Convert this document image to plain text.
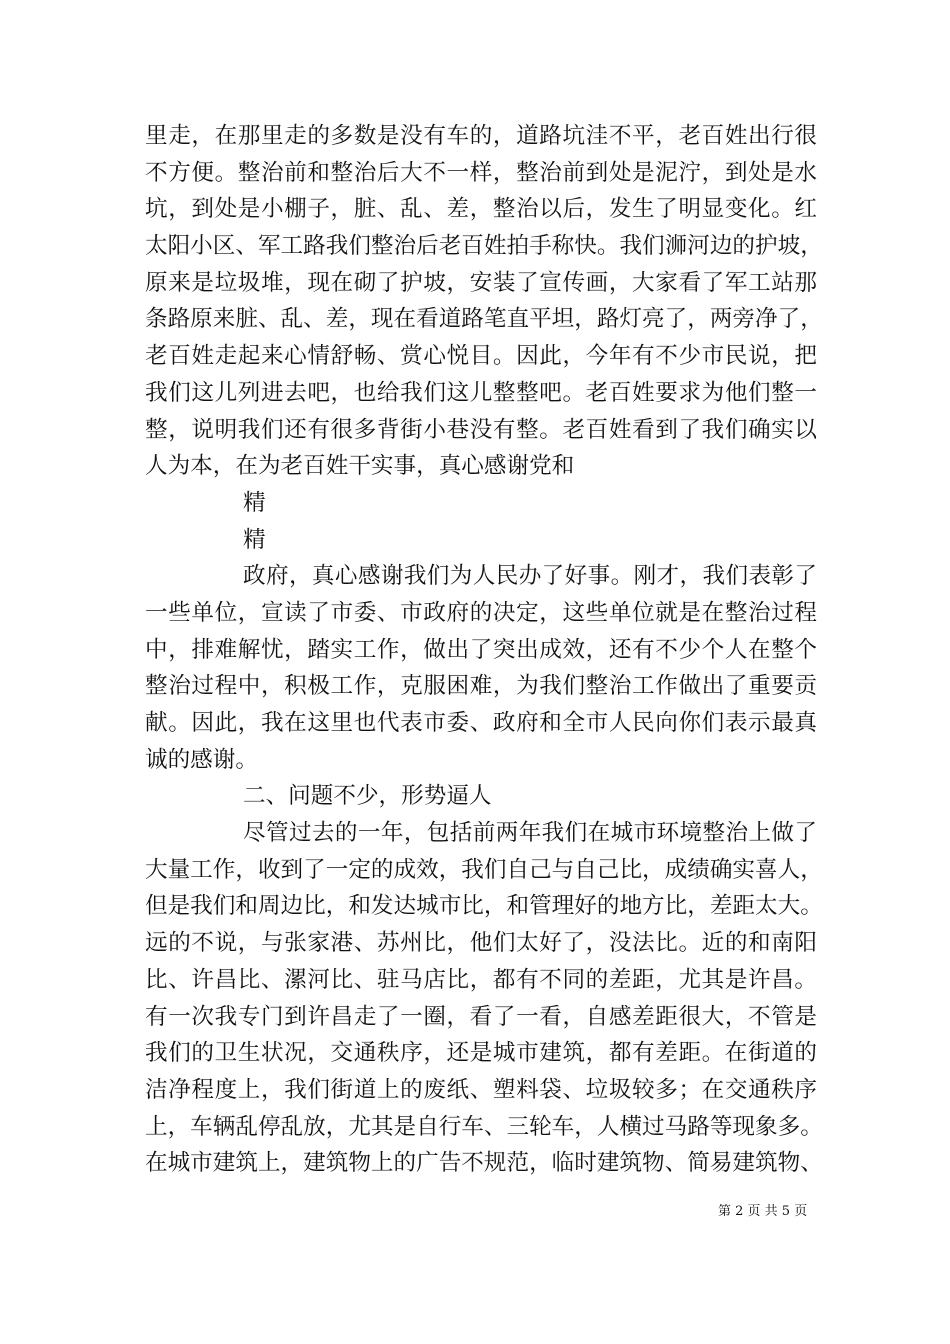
里走，在那里走的多数是没有车的，道路坑洼不平，老百姓出行很
不方便。整治前和整治后大不一样，整治前到处是泥泞，到处是水
坑，到处是小棚子，脏、乱、差，整治以后，发生了明显变化。红
太阳小区、军工路我们整治后老百姓拍手称快。我们浉河边的护坡，
原来是垃圾堆，现在砌了护坡，安装了宣传画，大家看了军工站那
条路原来脏、乱、差，现在看道路笔直平坦，路灯亮了，两旁净了，
老百姓走起来心情舒畅、赏心悦目。因此，今年有不少市民说，把
我们这儿列进去吧，也给我们这儿整整吧。老百姓要求为他们整一
整，说明我们还有很多背街小巷没有整。老百姓看到了我们确实以
人为本，在为老百姓干实事，真心感谢党和
精
精
政府，真心感谢我们为人民办了好事。刚才，我们表彰了
一些单位，宣读了市委、市政府的决定，这些单位就是在整治过程
中，排难解忧，踏实工作，做出了突出成效，还有不少个人在整个
整治过程中，积极工作，克服困难，为我们整治工作做出了重要贡
献。因此，我在这里也代表市委、政府和全市人民向你们表示最真
诚的感谢。
二、问题不少，形势逼人
尽管过去的一年，包括前两年我们在城市环境整治上做了
大量工作，收到了一定的成效，我们自己与自己比，成绩确实喜人，
但是我们和周边比，和发达城市比，和管理好的地方比，差距太大。
远的不说，与张家港、苏州比，他们太好了，没法比。近的和南阳
比、许昌比、漯河比、驻马店比，都有不同的差距，尤其是许昌。
有一次我专门到许昌走了一圈，看了一看，自感差距很大，不管是
我们的卫生状况，交通秩序，还是城市建筑，都有差距。在街道的
洁净程度上，我们街道上的废纸、塑料袋、垃圾较多；在交通秩序
上，车辆乱停乱放，尤其是自行车、三轮车，人横过马路等现象多。
在城市建筑上，建筑物上的广告不规范，临时建筑物、简易建筑物、
第 2 页 共 5 页
